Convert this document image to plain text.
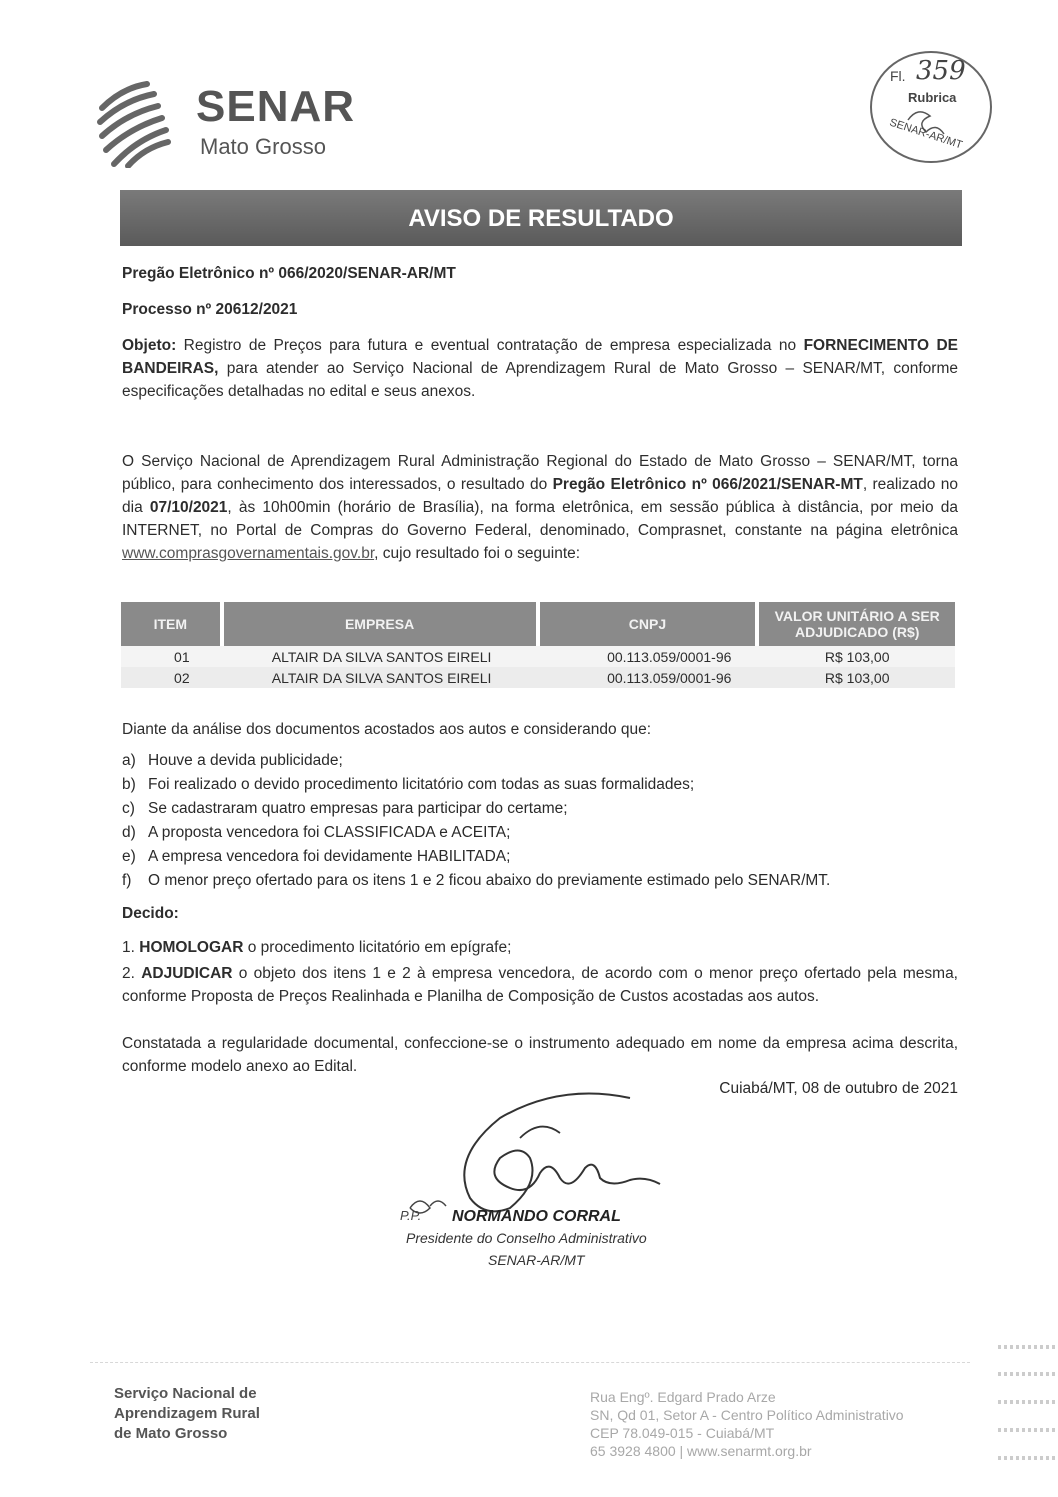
SENAR
Mato Grosso
Fl. 359
Rubrica
SENAR-AR/MT
AVISO DE RESULTADO
Pregão Eletrônico nº 066/2020/SENAR-AR/MT
Processo nº 20612/2021
Objeto: Registro de Preços para futura e eventual contratação de empresa especializada no FORNECIMENTO DE BANDEIRAS, para atender ao Serviço Nacional de Aprendizagem Rural de Mato Grosso – SENAR/MT, conforme especificações detalhadas no edital e seus anexos.
O Serviço Nacional de Aprendizagem Rural Administração Regional do Estado de Mato Grosso – SENAR/MT, torna público, para conhecimento dos interessados, o resultado do Pregão Eletrônico nº 066/2021/SENAR-MT, realizado no dia 07/10/2021, às 10h00min (horário de Brasília), na forma eletrônica, em sessão pública à distância, por meio da INTERNET, no Portal de Compras do Governo Federal, denominado, Comprasnet, constante na página eletrônica www.comprasgovernamentais.gov.br, cujo resultado foi o seguinte:
ITEM	EMPRESA	CNPJ	VALOR UNITÁRIO A SER ADJUDICADO (R$)
01	ALTAIR DA SILVA SANTOS EIRELI	00.113.059/0001-96	R$ 103,00
02	ALTAIR DA SILVA SANTOS EIRELI	00.113.059/0001-96	R$ 103,00
Diante da análise dos documentos acostados aos autos e considerando que:
a) Houve a devida publicidade;
b) Foi realizado o devido procedimento licitatório com todas as suas formalidades;
c) Se cadastraram quatro empresas para participar do certame;
d) A proposta vencedora foi CLASSIFICADA e ACEITA;
e) A empresa vencedora foi devidamente HABILITADA;
f) O menor preço ofertado para os itens 1 e 2 ficou abaixo do previamente estimado pelo SENAR/MT.
Decido:
1. HOMOLOGAR o procedimento licitatório em epígrafe;
2. ADJUDICAR o objeto dos itens 1 e 2 à empresa vencedora, de acordo com o menor preço ofertado pela mesma, conforme Proposta de Preços Realinhada e Planilha de Composição de Custos acostadas aos autos.
Constatada a regularidade documental, confeccione-se o instrumento adequado em nome da empresa acima descrita, conforme modelo anexo ao Edital.
Cuiabá/MT, 08 de outubro de 2021
P.P. NORMANDO CORRAL
Presidente do Conselho Administrativo
SENAR-AR/MT
Serviço Nacional de
Aprendizagem Rural
de Mato Grosso
Rua Engº. Edgard Prado Arze
SN, Qd 01, Setor A - Centro Político Administrativo
CEP 78.049-015 - Cuiabá/MT
65 3928 4800 | www.senarmt.org.br
